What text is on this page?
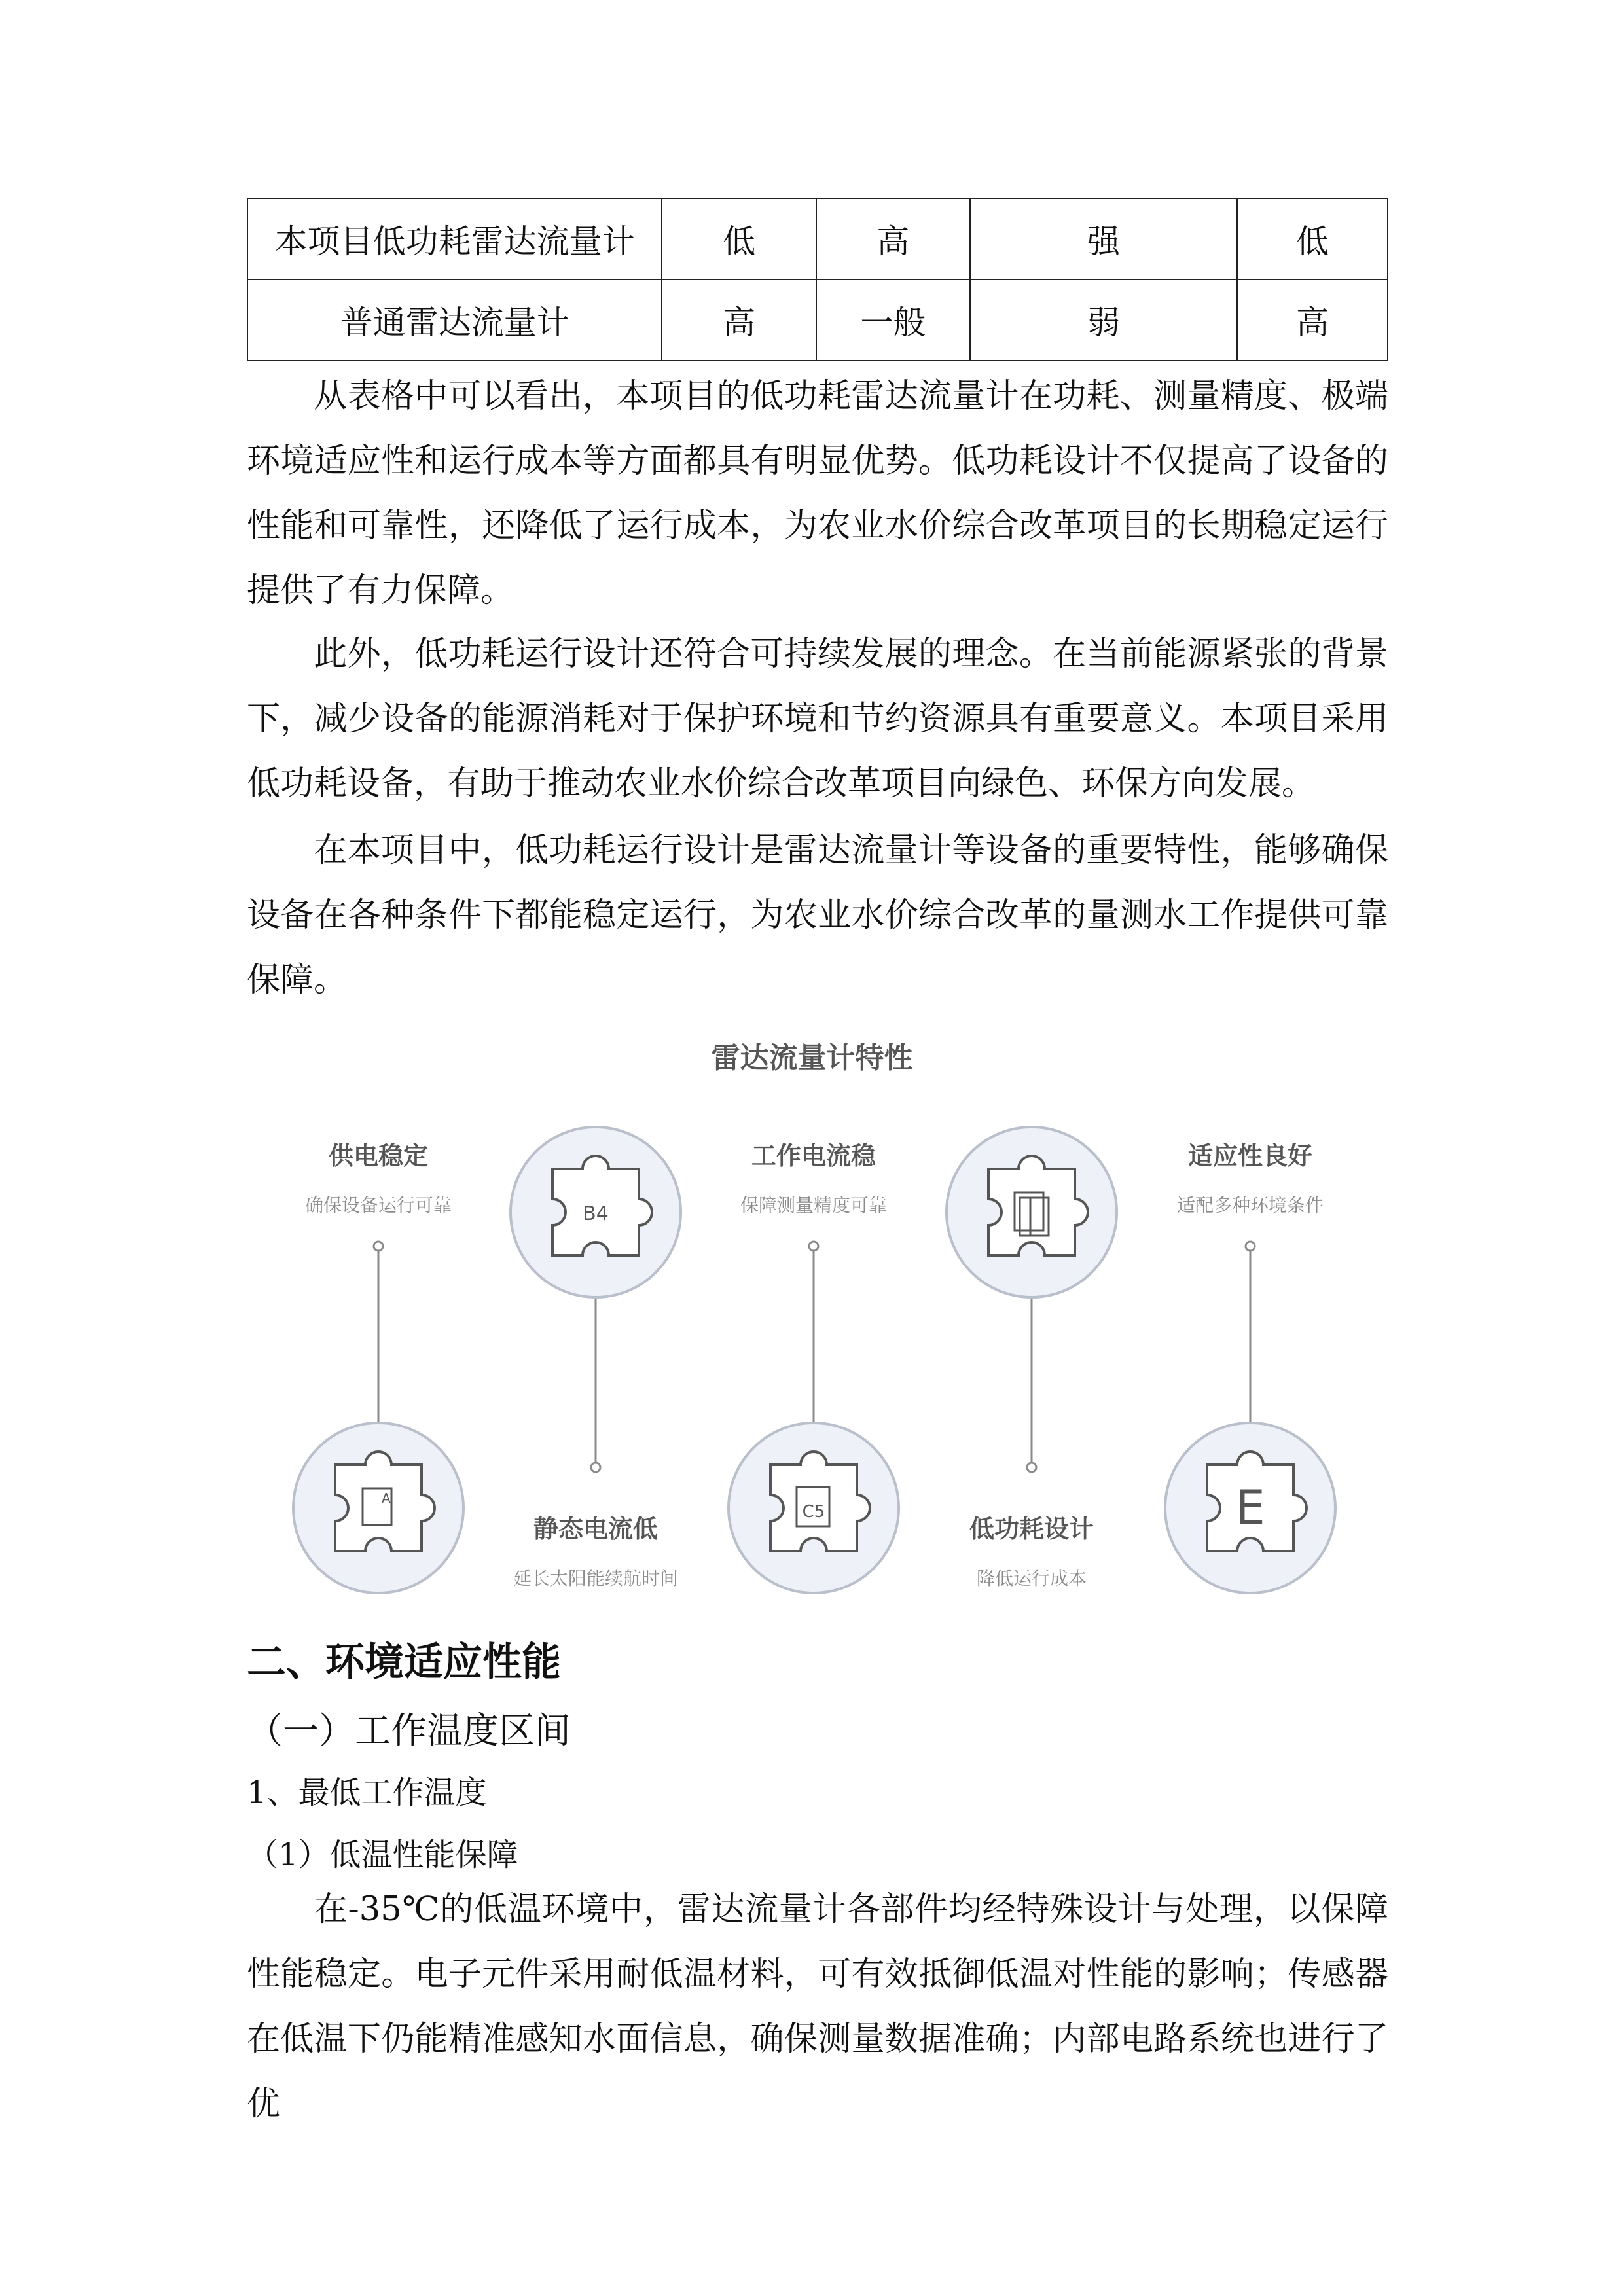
本项目低功耗雷达流量计	低	高	强	低
普通雷达流量计	高	一般	弱	高

从表格中可以看出，本项目的低功耗雷达流量计在功耗、测量精度、极端环境适应性和运行成本等方面都具有明显优势。低功耗设计不仅提高了设备的性能和可靠性，还降低了运行成本，为农业水价综合改革项目的长期稳定运行提供了有力保障。

此外，低功耗运行设计还符合可持续发展的理念。在当前能源紧张的背景下，减少设备的能源消耗对于保护环境和节约资源具有重要意义。本项目采用低功耗设备，有助于推动农业水价综合改革项目向绿色、环保方向发展。

在本项目中，低功耗运行设计是雷达流量计等设备的重要特性，能够确保设备在各种条件下都能稳定运行，为农业水价综合改革的量测水工作提供可靠保障。

雷达流量计特性
A
B4
C5	E
供电稳定
确保设备运行可靠
静态电流低
延长太阳能续航时间
工作电流稳
保障测量精度可靠
低功耗设计
降低运行成本
适应性良好
适配多种环境条件
二、环境适应性能
（一）工作温度区间
1、最低工作温度
（1）低温性能保障

在-35℃的低温环境中，雷达流量计各部件均经特殊设计与处理，以保障性能稳定。电子元件采用耐低温材料，可有效抵御低温对性能的影响；传感器在低温下仍能精准感知水面信息，确保测量数据准确；内部电路系统也进行了优
